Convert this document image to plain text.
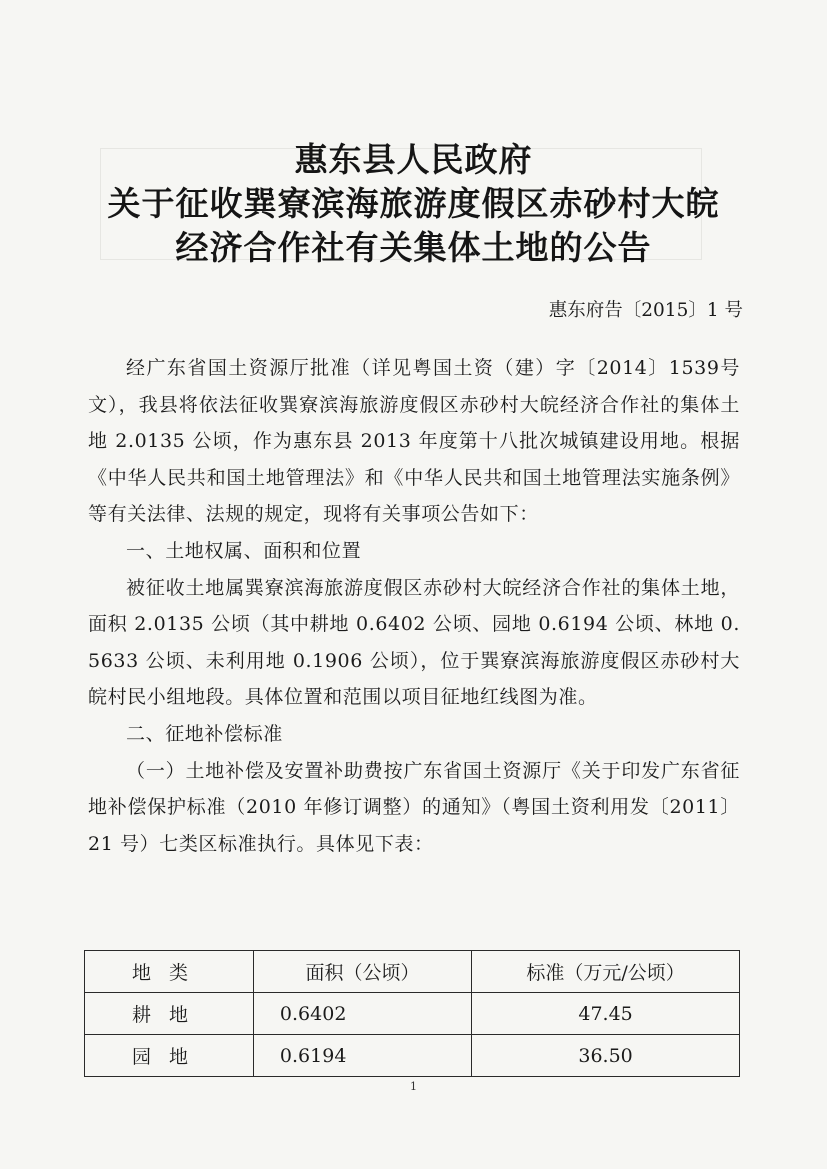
惠东县人民政府

关于征收巽寮滨海旅游度假区赤砂村大皖

经济合作社有关集体土地的公告

惠东府告〔2015〕1 号

经广东省国土资源厅批准（详见粤国土资（建）字〔2014〕1539号文），我县将依法征收巽寮滨海旅游度假区赤砂村大皖经济合作社的集体土地 2.0135 公顷，作为惠东县 2013 年度第十八批次城镇建设用地。根据《中华人民共和国土地管理法》和《中华人民共和国土地管理法实施条例》等有关法律、法规的规定，现将有关事项公告如下：

一、土地权属、面积和位置

被征收土地属巽寮滨海旅游度假区赤砂村大皖经济合作社的集体土地，面积 2.0135 公顷（其中耕地 0.6402 公顷、园地 0.6194 公顷、林地 0.5633 公顷、未利用地 0.1906 公顷），位于巽寮滨海旅游度假区赤砂村大皖村民小组地段。具体位置和范围以项目征地红线图为准。

二、征地补偿标准

（一）土地补偿及安置补助费按广东省国土资源厅《关于印发广东省征地补偿保护标准（2010 年修订调整）的通知》（粤国土资利用发〔2011〕21 号）七类区标准执行。具体见下表：

地类	面积（公顷）	标准（万元/公顷）
耕地	0.6402	47.45
园地	0.6194	36.50
1
